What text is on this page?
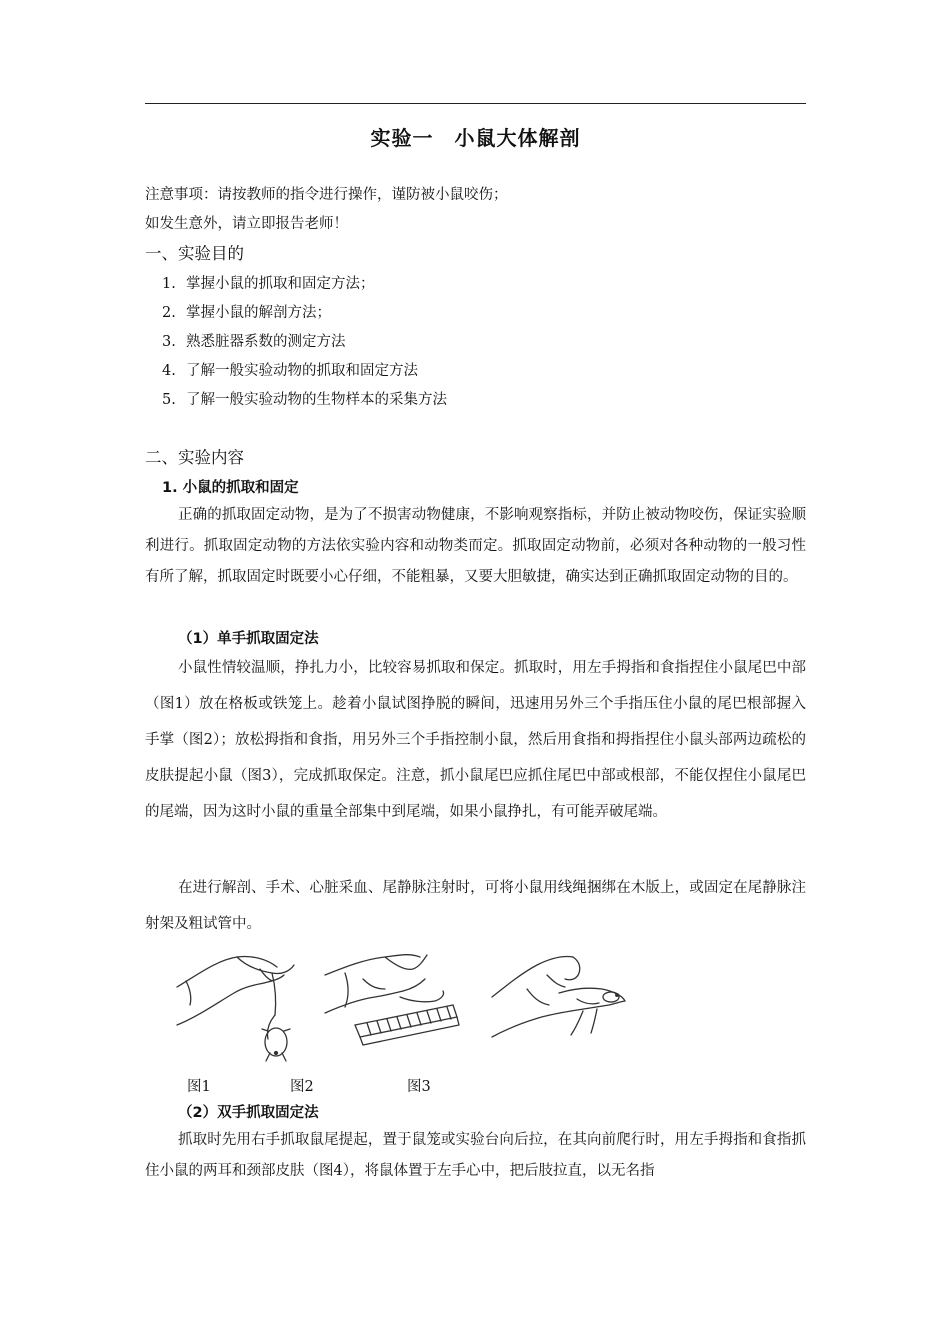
实验一　小鼠大体解剖
注意事项：请按教师的指令进行操作，谨防被小鼠咬伤；
如发生意外，请立即报告老师！
一、实验目的
1. 掌握小鼠的抓取和固定方法；
2. 掌握小鼠的解剖方法；
3. 熟悉脏器系数的测定方法
4. 了解一般实验动物的抓取和固定方法
5. 了解一般实验动物的生物样本的采集方法
二、实验内容
1. 小鼠的抓取和固定
正确的抓取固定动物，是为了不损害动物健康，不影响观察指标，并防止被动物咬伤，保证实验顺利进行。抓取固定动物的方法依实验内容和动物类而定。抓取固定动物前，必须对各种动物的一般习性有所了解，抓取固定时既要小心仔细，不能粗暴，又要大胆敏捷，确实达到正确抓取固定动物的目的。
（1）单手抓取固定法
小鼠性情较温顺，挣扎力小，比较容易抓取和保定。抓取时，用左手拇指和食指捏住小鼠尾巴中部（图1）放在格板或铁笼上。趁着小鼠试图挣脱的瞬间，迅速用另外三个手指压住小鼠的尾巴根部握入手掌（图2）；放松拇指和食指，用另外三个手指控制小鼠，然后用食指和拇指捏住小鼠头部两边疏松的皮肤提起小鼠（图3），完成抓取保定。注意，抓小鼠尾巴应抓住尾巴中部或根部，不能仅捏住小鼠尾巴的尾端，因为这时小鼠的重量全部集中到尾端，如果小鼠挣扎，有可能弄破尾端。
在进行解剖、手术、心脏采血、尾静脉注射时，可将小鼠用线绳捆绑在木版上，或固定在尾静脉注射架及粗试管中。
图1	图2	图3
（2）双手抓取固定法
抓取时先用右手抓取鼠尾提起，置于鼠笼或实验台向后拉，在其向前爬行时，用左手拇指和食指抓住小鼠的两耳和颈部皮肤（图4），将鼠体置于左手心中，把后肢拉直，以无名指
